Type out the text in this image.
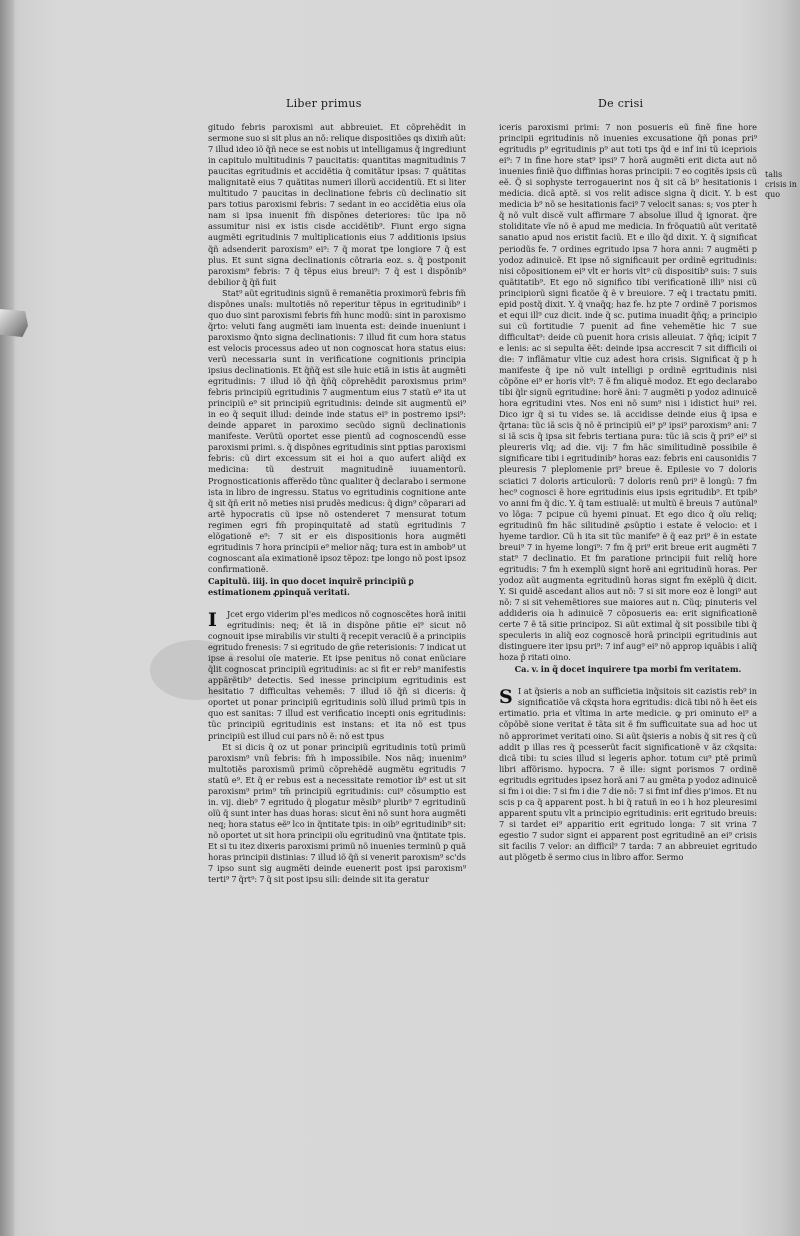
Liber primus	De crisi
talis crisis in quo

gitudo febris paroxismi aut abbreuiet. Et cõprehẽdit in sermone suo si sit plus an nõ: relique dispositiões qs dixim̃ aũt: 7 illud ideo iõ q̃ñ nece se est nobis ut intelligamus q̃ ingrediunt in capitulo multitudinis 7 paucitatis: quantitas magnitudinis 7 paucitas egritudinis et accidẽtia q̃ comitãtur ipsas: 7 quãtitas malignitatẽ eius 7 quãtitas numeri illorũ accidentiũ. Et si liter multitudo 7 paucitas in declinatione febris cũ declinatio sit pars totius paroxismi febris: 7 sedant in eo accidẽtia eius oĩa nam si ipsa inuenit fm̃ dispõnes deteriores: tũc ipa nõ assumitur nisi ex istis cisde accidẽtib⁹. Fiunt ergo signa augmẽti egritudinis 7 multiplicationis eius 7 additionis ipsius q̃ñ adsenderit paroxism⁹ ei⁹: 7 q̃ morat tpe longiore 7 q̃ est plus. Et sunt signa declinationis cõtraria eoz. s. q̃ postponit paroxism⁹ febris: 7 q̃ tẽpus eius breui⁹: 7 q̃ est i dispõnib⁹ debilior q̃ q̃ñ fuit

Stat⁹ aũt egritudinis signũ ẽ remanẽtia proximorũ febris fm̃ dispõnes unaĩs: multotiẽs nõ reperitur tẽpus in egritudinib⁹ i quo duo sint paroxismi febris fm̃ hunc modũ: sint in paroxismo q̃rto: veluti fang augmẽti iam inuenta est: deinde inueniunt i paroxismo q̃nto signa declinationis: 7 illud fit cum hora status est velocis processus adeo ut non cognoscat hora status eius: verũ necessaria sunt in verificatione cognitionis principia ipsius declinationis. Et q̃ñq̃ est sile huic etiã in istis ãt augmẽti egritudinis: 7 illud iõ q̃ñ q̃ñq̃ cõprehẽdit paroxismus prim⁹ febris principiũ egritudinis 7 augmentum eius 7 statũ e⁹ ita ut principiũ e⁹ sit principiũ egritudinis: deinde sit augmentũ ei⁹ in eo q̃ sequit illud: deinde inde status ei⁹ in postremo ipsi⁹: deinde apparet in paroximo secũdo signũ declinationis manifeste. Verũtũ oportet esse pientũ ad cognoscendũ esse paroxismi primi. s. q̃ dispõnes egritudinis sint pptias paroxismi febris: cũ dirt excessum sit ei hoi a quo aufert aliq̃d ex medicina: tũ destruit magnitudinẽ iuuamentorũ. Prognosticationis afferẽdo tũnc qualiter q̃ declarabo i sermone ista in libro de ingressu. Status vo egritudinis cognitione ante q̃ sit q̃ñ erit nõ meties nisi prudẽs medicus: q̃ dign⁹ cõparari ad artẽ hypocratis cũ ipse nõ ostenderet 7 mensurat totum regimen egri fm̃ propinquitatẽ ad statũ egritudinis 7 elõgationẽ e⁹: 7 sit er eis dispositionis hora augmẽti egritudinis 7 hora principii e⁹ melior nãq; tura est in ambob⁹ ut cognoscant aĩa eximationẽ ipsoz tẽpoz: tpe longo nõ post ipsoz confirmationẽ.

Capitulũ. iiij. in quo docet inquirẽ principiũ ꝑ estimationem ꝓpinquã veritati.

I	Jcet ergo viderim pl'es medicos nõ cognoscẽtes horã initii egritudinis: neq; ẽt iã in dispõne pñtie ei⁹ sicut nõ cognouit ipse mirabilis vir stulti q̃ recepit veraciũ ẽ a principiis egritudo frenesis: 7 si egritudo de gñe reterisionis: 7 indicat ut ipse a resolui oĩe materie. Et ipse penitus nõ conat enũciare q̃lit cognoscat principiũ egritudinis: ac si fit er reb⁹ manifestis appãrẽtib⁹ detectis. Sed inesse principium egritudinis est hesitatio 7 difficultas vehemẽs: 7 illud iõ q̃ñ si diceris: q̃ oportet ut ponar principiũ egritudinis solũ illud primũ tpis in quo est sanitas: 7 illud est verificatio incepti onis egritudinis: tũc principiũ egritudinis est instans: et ita nõ est tpus principiũ est illud cui pars nõ ẽ: nõ est tpus

Et si dicis q̃ oz ut ponar principiũ egritudinis totũ primũ paroxism⁹ vnũ febris: fm̃ h impossibile. Nos nãq; inuenim⁹ multotiẽs paroxismũ primũ cõprehẽdẽ augmẽtu egritudis 7 statũ e⁹. Et q̃ er rebus est a necessitate remotior ib⁹ est ut sit paroxism⁹ prim⁹ tm̃ principiũ egritudinis: cui⁹ cõsumptio est in. vij. dieb⁹ 7 egritudo q̃ plogatur mẽsib⁹ plurib⁹ 7 egritudinũ oĩũ q̃ sunt inter has duas horas: sicut ẽni nõ sunt hora augmẽti neq; hora status eẽ⁹ lco in q̃ntitate tpis: in oib⁹ egritudinib⁹ sit: nõ oportet ut sit hora principii oĩu egritudinũ vna q̃ntitate tpis. Et si tu itez dixeris paroxismi primũ nõ inuenies terminũ p quã horas principii distinias: 7 illud iõ q̃ñ si venerit paroxism⁹ sc'ds 7 ipso sunt sig augmẽti deinde euenerit post ipsi paroxism⁹ terti⁹ 7 q̃rt⁹: 7 q̃ sit post ipsu sili: deinde sit ita geratur

iceris paroxismi primi: 7 non posueris eũ finẽ fine hore principii egritudinis nõ inuenies excusatione q̃ñ ponas pri⁹ egritudis p⁹ egritudinis p⁹ aut toti tps q̃d e inf ini tũ icepriois ei⁹: 7 in fine hore stat⁹ ipsi⁹ 7 horã augmẽti erit dicta aut nõ inuenies finiẽ q̃uo diffinias horas principii: 7 eo cogitẽs ipsis cũ eẽ. Q̃ si sophyste terrogauerint nos q̃ sit cã b⁹ hesitationis i medicia. dicã aptẽ. si vos relit adisce signa q̃ dicit. Y. b est medicia b⁹ nõ se hesitationis faci⁹ 7 velocit sanas: s; vos pter h q̃ nõ vult discẽ vult affirmare 7 absolue illud q̃ ignorat. q̃re stoliditate vĩe nõ ẽ apud me medicia. In frõquatiũ aũt veritatẽ sanatio apud nos eristit faciũ. Et e illo q̃d dixit. Y. q̃ significat periodũs fe. 7 ordines egritudo ipsa 7 hora anni: 7 augmẽti p yodoz adinuicẽ. Et ipse nõ significauit per ordinẽ egritudinis: nisi cõpositionem ei⁹ vlt er horis vlt⁹ cũ dispositib⁹ suis: 7 suis quãtitatib⁹. Et ego nõ significo tibi verificationẽ illi⁹ nisi cũ principiorũ signi ficatõe q̃ ẽ v breuiore. 7 eq̃ i tractatu pmiti. epid postq̃ dixit. Y. q̃ vnaq̃q; haz fe. hz pte 7 ordinẽ 7 porismos et equi ill⁹ cuz dicit. inde q̃ sc. putima inuadit q̃ñq; a principio sui cũ fortitudie 7 puenit ad fine vehemẽtie hic 7 sue difficultat⁹: deide cũ puenit hora crisis alleuiat. 7 q̃ñq; icipit 7 e lenis: ac si sepulta ẽẽt: deinde ipsa accrescit 7 sit difficili oi die: 7 inflãmatur vltie cuz adest hora crisis. Significat q̃ p h manifeste q̃ ipe nõ vult intelligi p ordinẽ egritudinis nisi cõpõne ei⁹ er horis vlt⁹: 7 ẽ fm aliquẽ modoz. Et ego declarabo tibi q̃lr signũ egritudine: horẽ ãni: 7 augmẽti p yodoz adinuicẽ hora egritudini vtes. Nos eni nõ sum⁹ nisi i idistict hui⁹ rei. Dico igr q̃ si tu vides se. iã accidisse deinde eius q̃ ipsa e q̃rtana: tũc iã scis q̃ nõ ẽ principiũ ei⁹ p⁹ ipsi⁹ paroxism⁹ ani: 7 si iã scis q̃ ipsa sit febris tertiana pura: tũc iã scis q̃ pri⁹ ei⁹ si pleureris vlq; ad die. vij: 7 fm hãc similitudinẽ possibile ẽ significare tibi i egritudinib⁹ horas eaz: febris eni causonidis 7 pleuresis 7 pleplomenie pri⁹ breue ẽ. Epilesie vo 7 doloris sciatici 7 doloris articulorũ: 7 doloris renũ pri⁹ ẽ longũ: 7 fm hec⁹ cognosci ẽ hore egritudinis eius ipsis egritudib⁹. Et tpib⁹ vo anni fm q̃ dic. Y. q̃ tam estiualẽ: ut multũ ẽ breuis 7 autũnal⁹ vo lõga: 7 pcipue cũ hyemi ꝑinuat. Et ego dico q̃ oĩu reliq; egritudinũ fm hãc silitudinẽ ꝓsũptio i estate ẽ velocio: et i hyeme tardior. Cũ h ita sit tũc manife⁹ ẽ q̃ eaz pri⁹ ẽ in estate breui⁹ 7 in hyeme longi⁹: 7 fm q̃ pri⁹ erit breue erit augmẽti 7 stat⁹ 7 declinatio. Et fm ꝑaratione principii fuit reliq̃ hore egritudis: 7 fm h exemplũ signt horẽ ani egritudinũ horas. Per yodoz aũt augmenta egritudinũ horas signt fm exẽplũ q̃ dicit. Y. Si quidẽ ascedant alios aut nõ: 7 si sit more eoz ẽ longi⁹ aut nõ: 7 si sit vehemẽtiores sue maiores aut n. Cũq; pinuteris vel addideris oia h adinuicẽ 7 cõposueris ea: erit significationẽ certe 7 ẽ tã sitie principoz. Si aũt extimal q̃ sit possibile tibi q̃ speculeris in aliq̃ eoz cognoscẽ horã principii egritudinis aut distinguere iter ipsu pri⁹: 7 inf aug⁹ ei⁹ nõ approp iquãbis i aliq̃ hoza p̃ ritati oino.

Ca. v. in q̃ docet inquirere tpa morbi fm veritatem.

S I at q̃sieris a nob an sufficietia inq̃sitois sit cazistis reb⁹ in significatiõe vã cx̃qsta hora egritudis: dicã tibi nõ h ẽet eis ertimatio. pria et vltima in arte medicie. ꝙ pri ominuto ei⁹ a cõpõbẽ sione veritat ẽ tãta sit ẽ fm sufficuitate sua ad hoc ut nõ approrimet veritati oino. Si aũt q̃sieris a nobis q̃ sit res q̃ cũ addit p illas res q̃ pcesserũt facit significationẽ v ãz cx̃qsita: dicã tibi: tu scies illud si legeris aphor. totum cu⁹ ptẽ primũ libri affõrismo. hypocra. 7 ẽ ille: signt porismos 7 ordinẽ egritudis egritudes ipsez horã ani 7 au gmẽta p yodoz adinuicẽ si fm i oi die: 7 si fm i die 7 die nõ: 7 si fmt inf dies p'imos. Et nu scis p ca q̃ apparent post. h bi q̃ ratuñ in eo i h hoz pleuresimi apparent sputu vlt a principio egritudinis: erit egritudo breuis: 7 si tardet ei⁹ apparitio erit egritudo longa: 7 sit vrina 7 egestio 7 sudor signt ei apparent post egritudinẽ an ei⁹ crisis sit facilis 7 velor: an difficil⁹ 7 tarda: 7 an abbreuiet egritudo aut plõgetb ẽ sermo cius in libro affor. Sermo
